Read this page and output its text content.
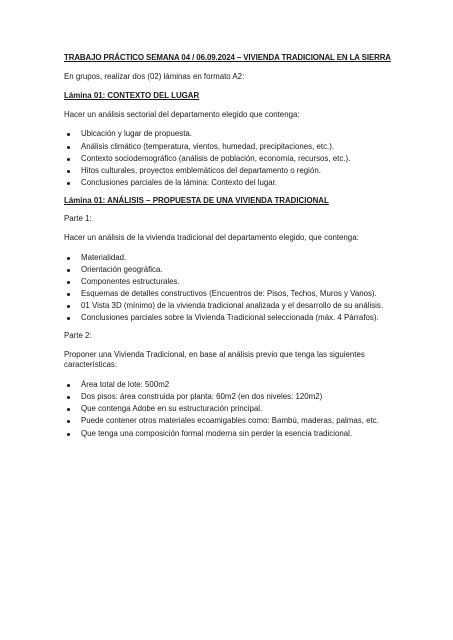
TRABAJO PRÁCTICO SEMANA 04 / 06.09.2024 – VIVIENDA TRADICIONAL EN LA SIERRA
En grupos, realizar dos (02) láminas en formato A2:
Lámina 01: CONTEXTO DEL LUGAR
Hacer un análisis sectorial del departamento elegido que contenga:
Ubicación y lugar de propuesta.
Análisis climático (temperatura, vientos, humedad, precipitaciones, etc.).
Contexto sociodemográfico (análisis de población, economía, recursos, etc.).
Hitos culturales, proyectos emblemáticos del departamento o región.
Conclusiones parciales de la lámina: Contexto del lugar.
Lámina 01: ANÁLISIS – PROPUESTA DE UNA VIVIENDA TRADICIONAL
Parte 1:
Hacer un análisis de la vivienda tradicional del departamento elegido, que contenga:
Materialidad.
Orientación geográfica.
Componentes estructurales.
Esquemas de detalles constructivos (Encuentros de: Pisos, Techos, Muros y Vanos).
01 Vista 3D (mínimo) de la vivienda tradicional analizada y el desarrollo de su análisis.
Conclusiones parciales sobre la Vivienda Tradicional seleccionada (máx. 4 Párrafos).
Parte 2:
Proponer una Vivienda Tradicional, en base al análisis previo que tenga las siguientes características:
Área total de lote: 500m2
Dos pisos: área construida por planta: 60m2 (en dos niveles: 120m2)
Que contenga Adobe en su estructuración principal.
Puede contener otros materiales ecoamigables como: Bambú, maderas, palmas, etc.
Que tenga una composición formal moderna sin perder la esencia tradicional.
